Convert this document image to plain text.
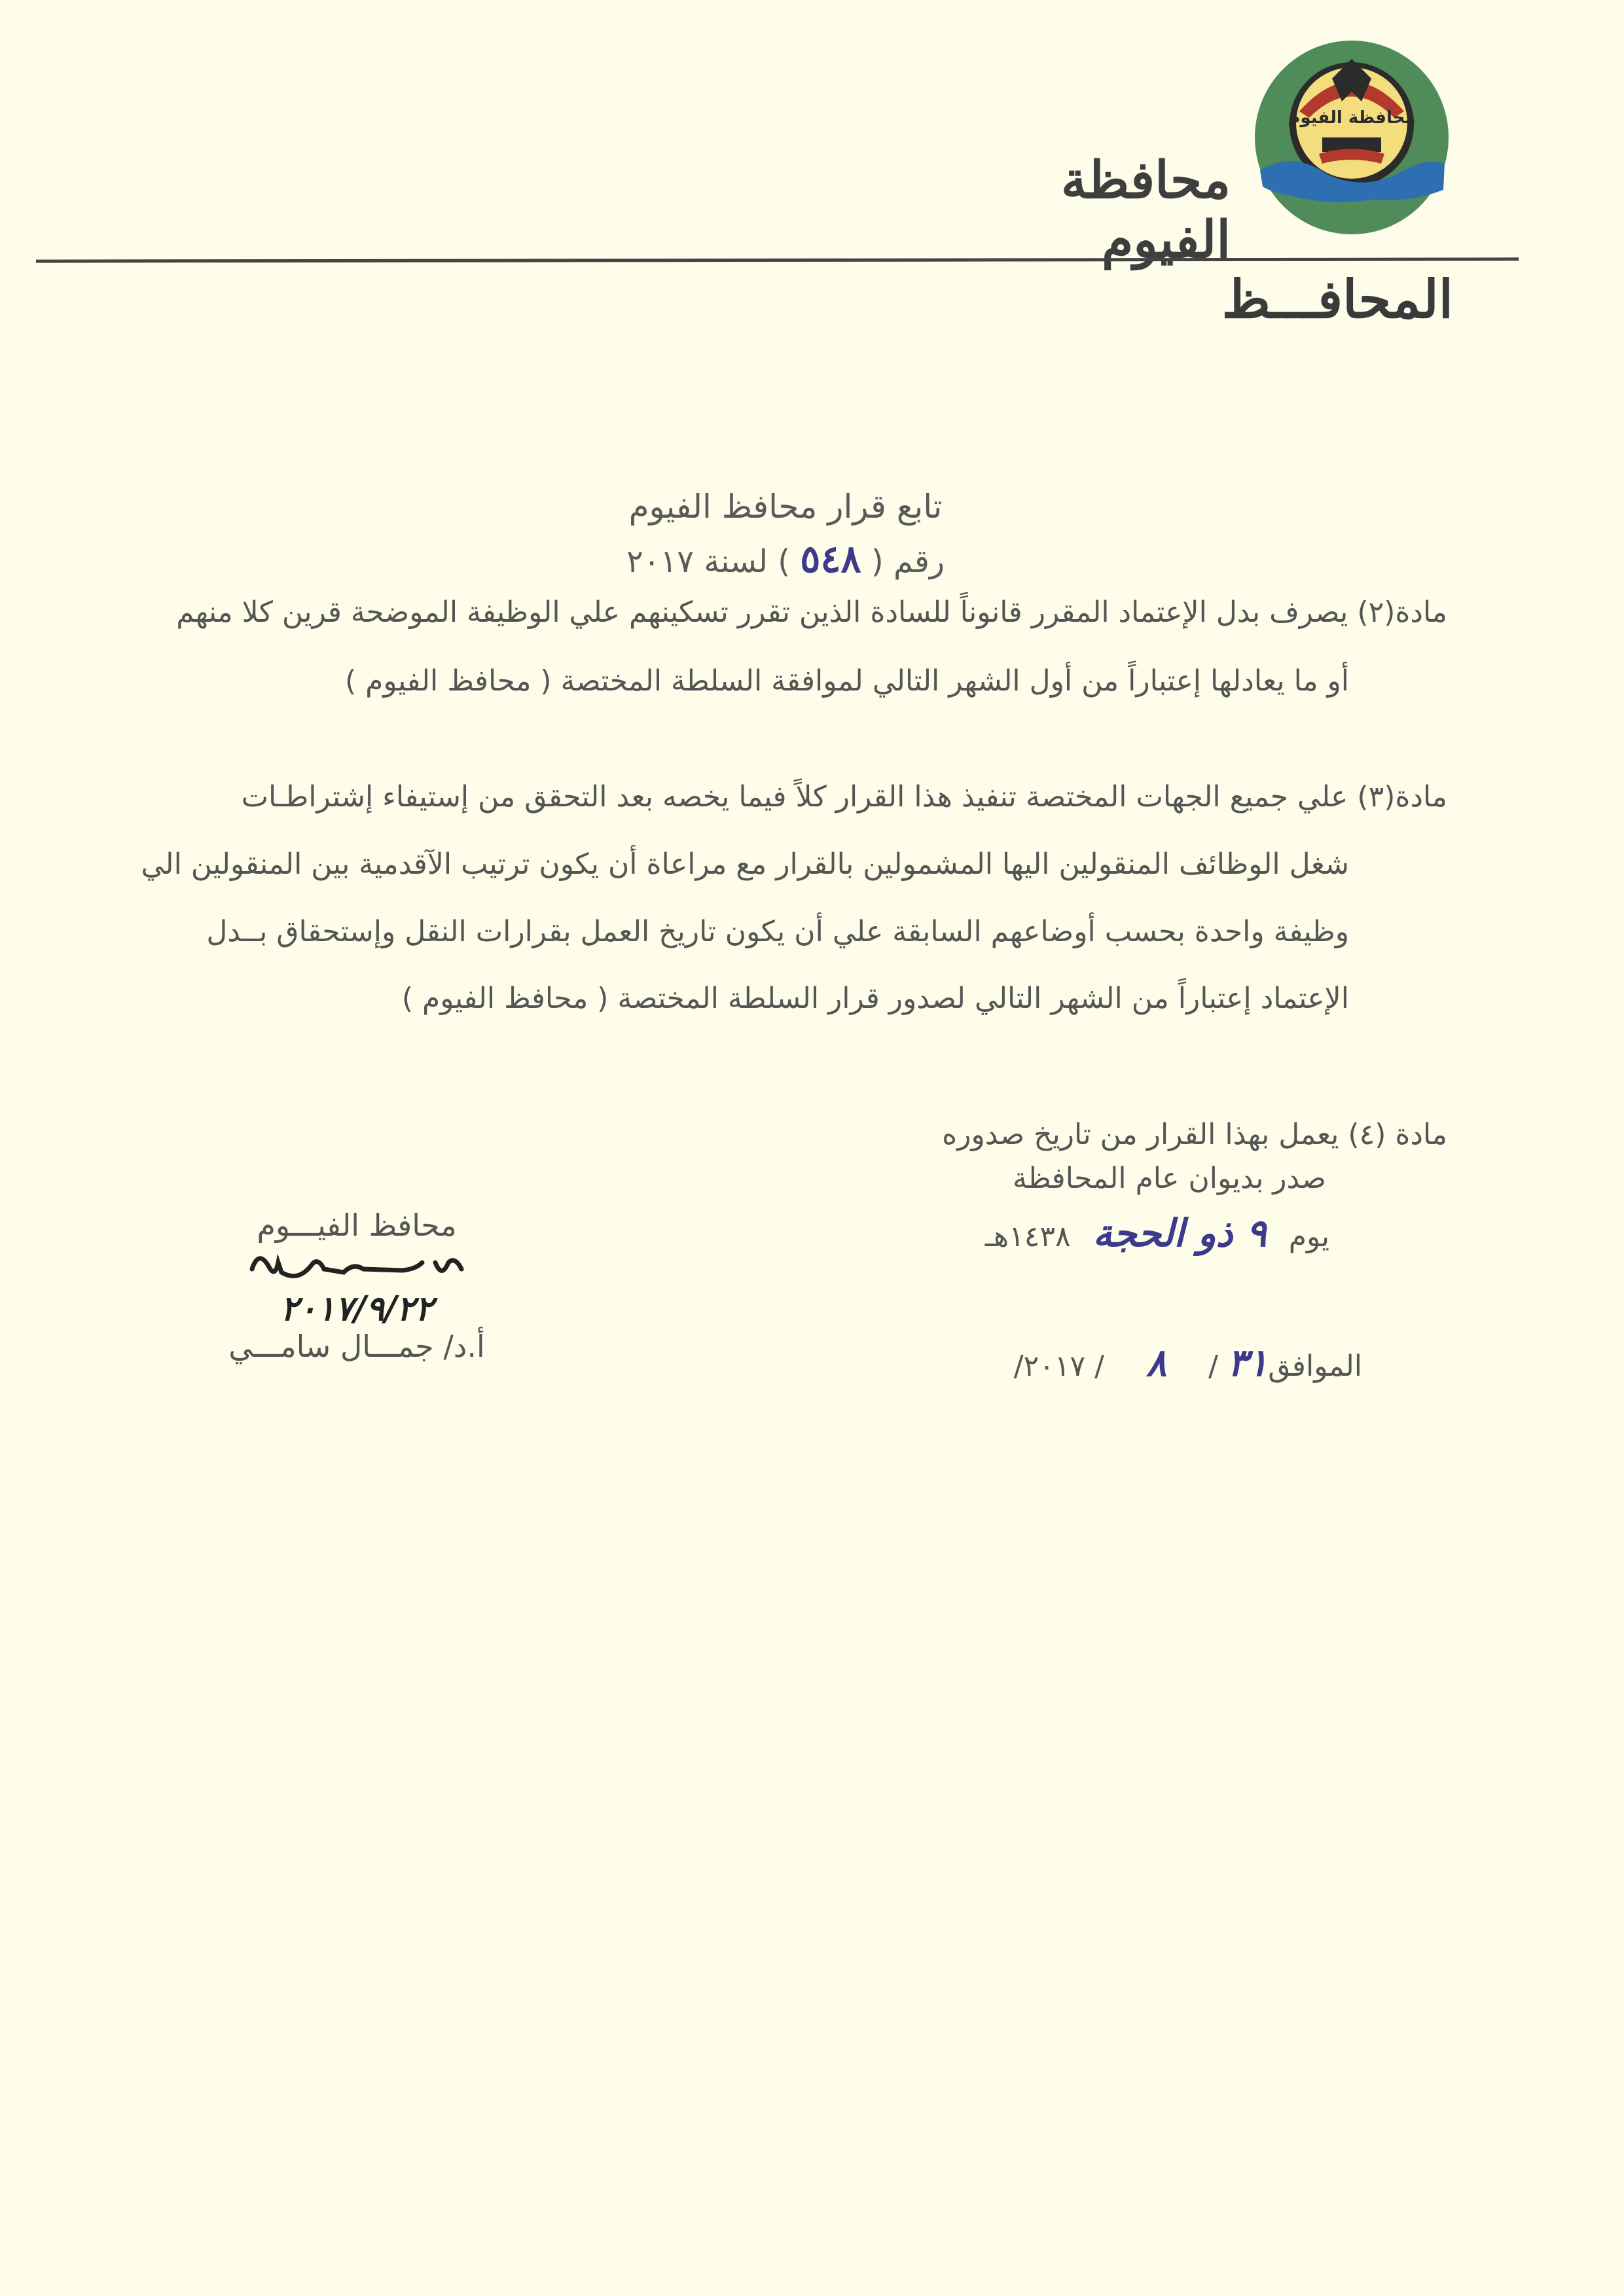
محافظة الفيوم
محافظة الفيوم
المحافـــظ
تابع قرار محافظ الفيوم
رقم ( ٥٤٨ ) لسنة ٢٠١٧
مادة(٢) يصرف بدل الإعتماد المقرر قانوناً للسادة الذين تقرر تسكينهم علي الوظيفة الموضحة قرين كلا منهم
أو ما يعادلها إعتباراً من أول الشهر التالي لموافقة السلطة المختصة ( محافظ الفيوم )
مادة(٣) علي جميع الجهات المختصة تنفيذ هذا القرار كلاً فيما يخصه بعد التحقق من إستيفاء إشتراطـات
شغل الوظائف المنقولين اليها المشمولين بالقرار مع مراعاة أن يكون ترتيب الآقدمية بين المنقولين الي
وظيفة واحدة بحسب أوضاعهم السابقة علي أن يكون تاريخ العمل بقرارات النقل وإستحقاق بــدل
الإعتماد إعتباراً من الشهر التالي لصدور قرار السلطة المختصة ( محافظ الفيوم )
مادة (٤) يعمل بهذا القرار من تاريخ صدوره
صدر بديوان عام المحافظة
يوم ٩ ذو الحجة ١٤٣٨هـ
الموافق٣١ / ٨ / ٢٠١٧/
محافظ الفيـــوم
٢٠١٧/٩/٢٢
أ.د/ جمـــال سامـــي
